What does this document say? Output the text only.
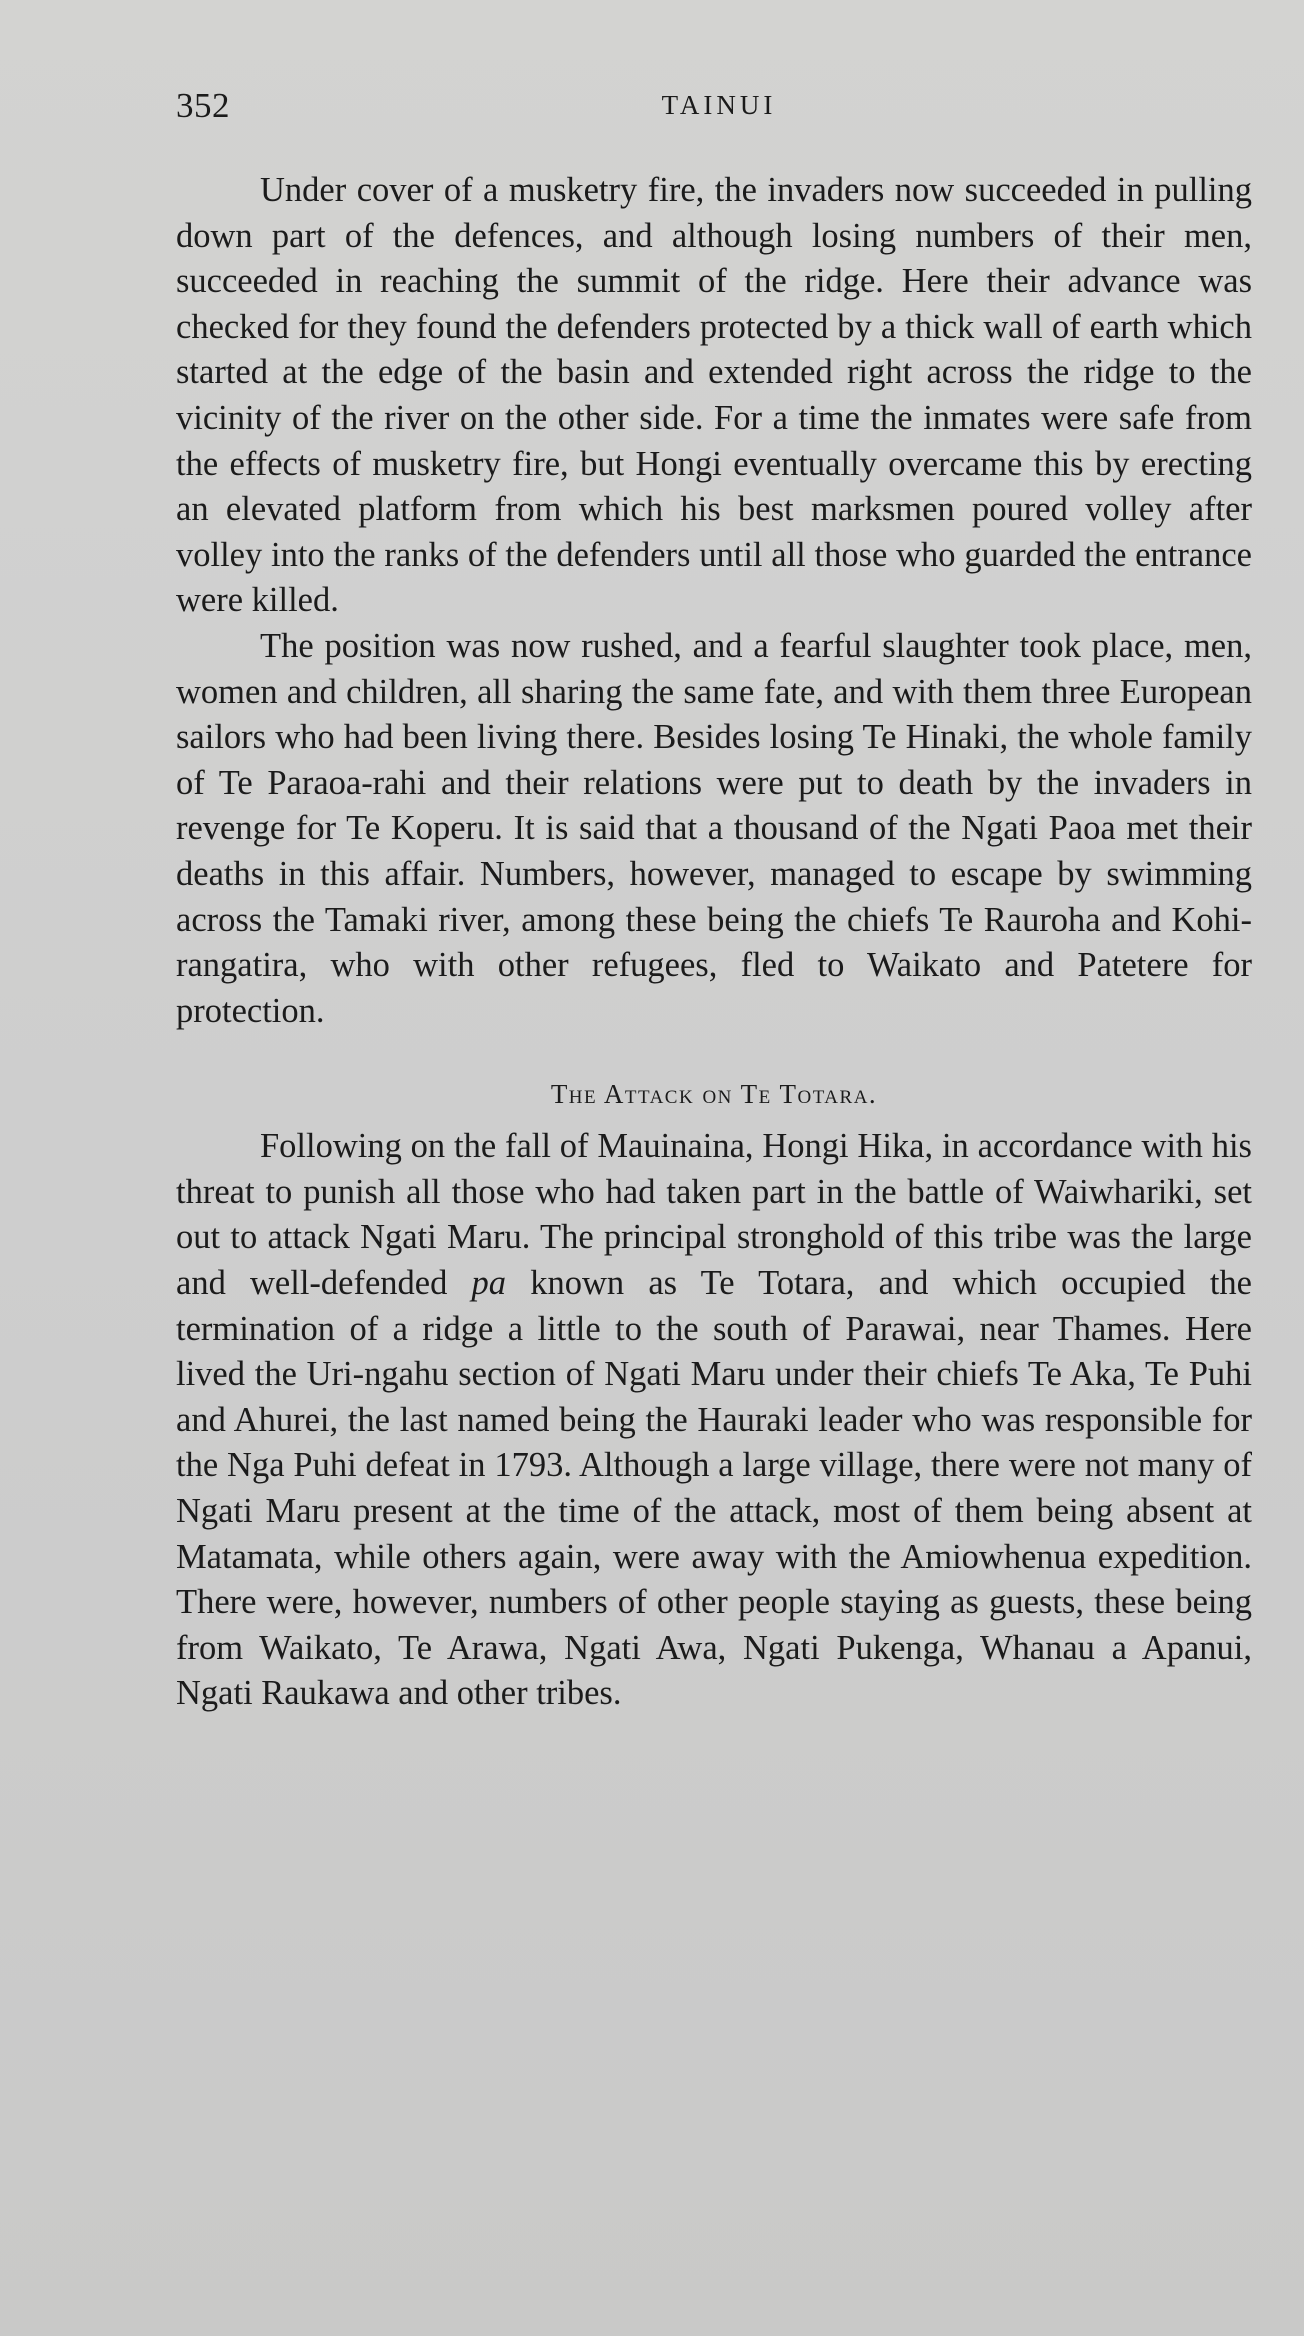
352	TAINUI

Under cover of a musketry fire, the invaders now succeeded in pulling down part of the defences, and although losing numbers of their men, succeeded in reaching the summit of the ridge. Here their advance was checked for they found the defenders protected by a thick wall of earth which started at the edge of the basin and extended right across the ridge to the vicinity of the river on the other side. For a time the inmates were safe from the effects of musketry fire, but Hongi eventually overcame this by erecting an elevated platform from which his best marksmen poured volley after volley into the ranks of the defenders until all those who guarded the entrance were killed.

The position was now rushed, and a fearful slaughter took place, men, women and children, all sharing the same fate, and with them three European sailors who had been living there. Besides losing Te Hinaki, the whole family of Te Paraoa-rahi and their relations were put to death by the invaders in revenge for Te Koperu. It is said that a thousand of the Ngati Paoa met their deaths in this affair. Numbers, however, managed to escape by swimming across the Tamaki river, among these being the chiefs Te Rauroha and Kohi-rangatira, who with other refugees, fled to Waikato and Patetere for protection.

The Attack on Te Totara.

Following on the fall of Mauinaina, Hongi Hika, in accordance with his threat to punish all those who had taken part in the battle of Waiwhariki, set out to attack Ngati Maru. The principal stronghold of this tribe was the large and well-defended pa known as Te Totara, and which occupied the termination of a ridge a little to the south of Parawai, near Thames. Here lived the Uri-ngahu section of Ngati Maru under their chiefs Te Aka, Te Puhi and Ahurei, the last named being the Hauraki leader who was responsible for the Nga Puhi defeat in 1793. Although a large village, there were not many of Ngati Maru present at the time of the attack, most of them being absent at Matamata, while others again, were away with the Amiowhenua expedition. There were, however, numbers of other people staying as guests, these being from Waikato, Te Arawa, Ngati Awa, Ngati Pukenga, Whanau a Apanui, Ngati Raukawa and other tribes.
